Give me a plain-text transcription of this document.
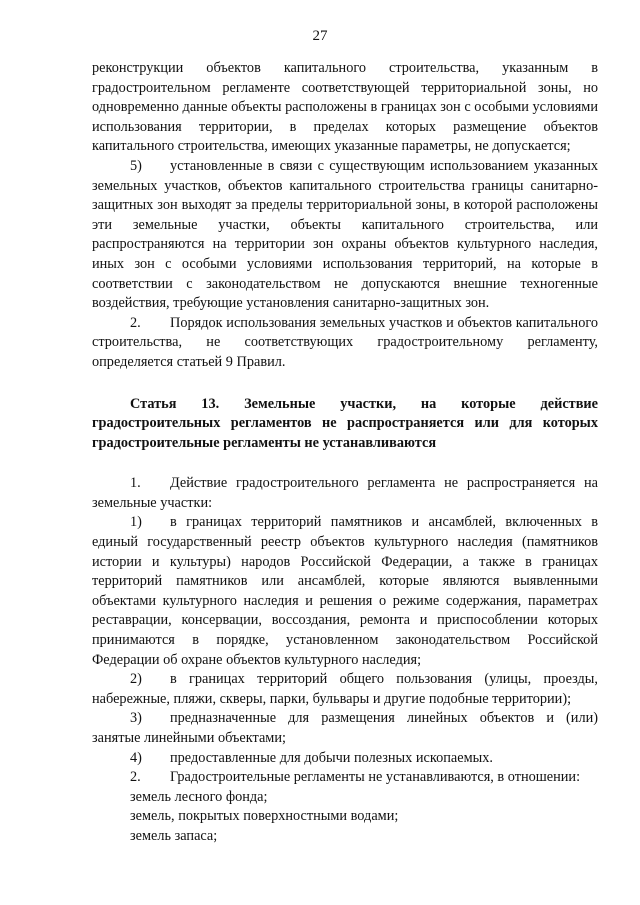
27

реконструкции объектов капитального строительства, указанным в градостроительном регламенте соответствующей территориальной зоны, но одновременно данные объекты расположены в границах зон с особыми условиями использования территории, в пределах которых размещение объектов капитального строительства, имеющих указанные параметры, не допускается;

5) установленные в связи с существующим использованием указанных земельных участков, объектов капитального строительства границы санитарно-защитных зон выходят за пределы территориальной зоны, в которой расположены эти земельные участки, объекты капитального строительства, или распространяются на территории зон охраны объектов культурного наследия, иных зон с особыми условиями использования территорий, на которые в соответствии с законодательством не допускаются внешние техногенные воздействия, требующие установления санитарно-защитных зон.

2. Порядок использования земельных участков и объектов капитального строительства, не соответствующих градостроительному регламенту, определяется статьей 9 Правил.

Статья 13. Земельные участки, на которые действие градостроительных регламентов не распространяется или для которых градостроительные регламенты не устанавливаются

1. Действие градостроительного регламента не распространяется на земельные участки:

1) в границах территорий памятников и ансамблей, включенных в единый государственный реестр объектов культурного наследия (памятников истории и культуры) народов Российской Федерации, а также в границах территорий памятников или ансамблей, которые являются выявленными объектами культурного наследия и решения о режиме содержания, параметрах реставрации, консервации, воссоздания, ремонта и приспособлении которых принимаются в порядке, установленном законодательством Российской Федерации об охране объектов культурного наследия;

2) в границах территорий общего пользования (улицы, проезды, набережные, пляжи, скверы, парки, бульвары и другие подобные территории);

3) предназначенные для размещения линейных объектов и (или) занятые линейными объектами;

4) предоставленные для добычи полезных ископаемых.

2. Градостроительные регламенты не устанавливаются, в отношении:

земель лесного фонда;

земель, покрытых поверхностными водами;

земель запаса;
